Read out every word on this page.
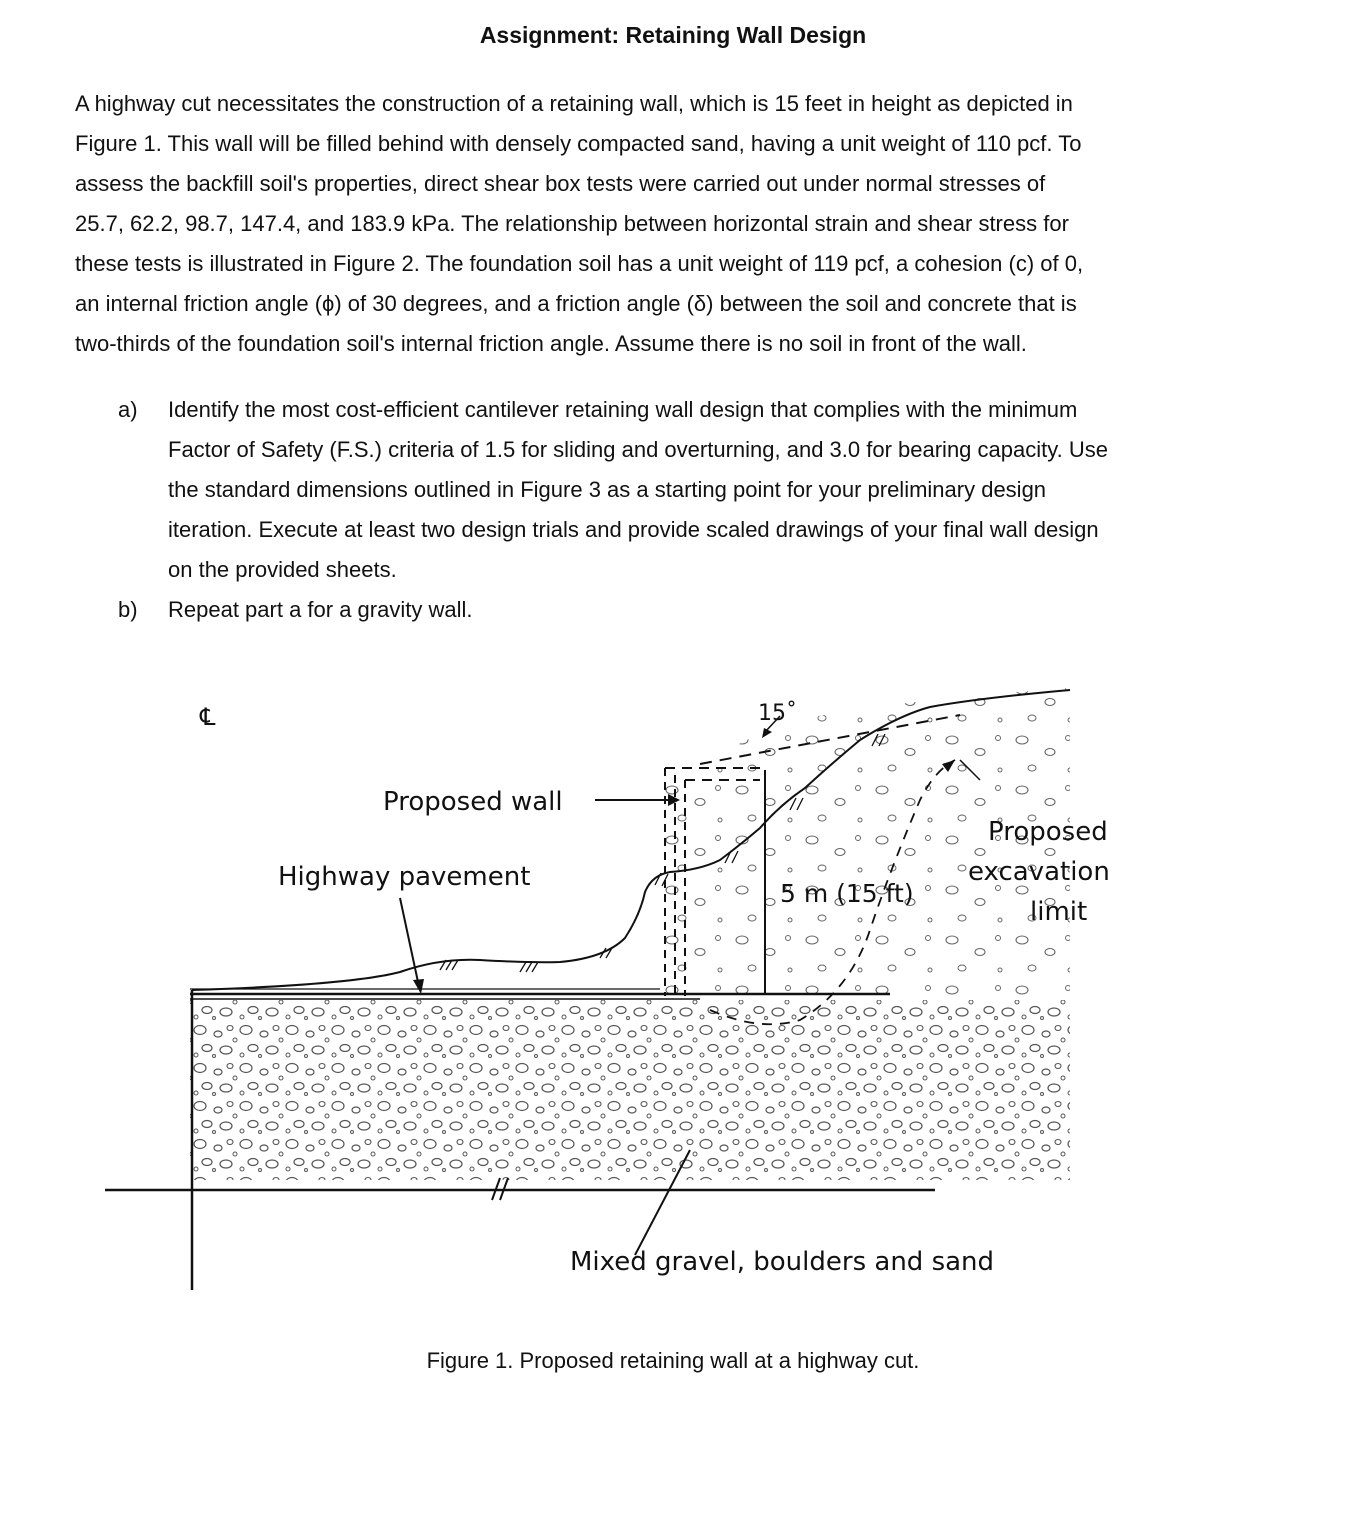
Assignment: Retaining Wall Design
A highway cut necessitates the construction of a retaining wall, which is 15 feet in height as depicted in
Figure 1. This wall will be filled behind with densely compacted sand, having a unit weight of 110 pcf. To
assess the backfill soil's properties, direct shear box tests were carried out under normal stresses of
25.7, 62.2, 98.7, 147.4, and 183.9 kPa. The relationship between horizontal strain and shear stress for
these tests is illustrated in Figure 2. The foundation soil has a unit weight of 119 pcf, a cohesion (c) of 0,
an internal friction angle (ϕ) of 30 degrees, and a friction angle (δ) between the soil and concrete that is
two-thirds of the foundation soil's internal friction angle. Assume there is no soil in front of the wall.
a)	Identify the most cost-efficient cantilever retaining wall design that complies with the minimum
Factor of Safety (F.S.) criteria of 1.5 for sliding and overturning, and 3.0 for bearing capacity. Use
the standard dimensions outlined in Figure 3 as a starting point for your preliminary design
iteration. Execute at least two design trials and provide scaled drawings of your final wall design
on the provided sheets.
b)	Repeat part a for a gravity wall.
℄
Proposed wall
Highway pavement
15˚
5 m (15 ft)
Proposed
excavation
limit
Mixed gravel, boulders and sand

Figure 1. Proposed retaining wall at a highway cut.
